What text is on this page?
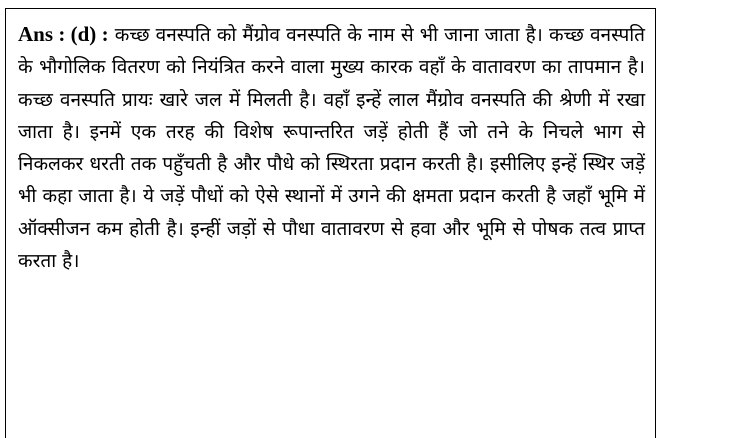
Ans : (d) : कच्छ वनस्पति को मैंग्रोव वनस्पति के नाम से भी जाना जाता है। कच्छ वनस्पति के भौगोलिक वितरण को नियंत्रित करने वाला मुख्य कारक वहाँ के वातावरण का तापमान है। कच्छ वनस्पति प्रायः खारे जल में मिलती है। वहाँ इन्हें लाल मैंग्रोव वनस्पति की श्रेणी में रखा जाता है। इनमें एक तरह की विशेष रूपान्तरित जड़ें होती हैं जो तने के निचले भाग से निकलकर धरती तक पहुँचती है और पौधे को स्थिरता प्रदान करती है। इसीलिए इन्हें स्थिर जड़ें भी कहा जाता है। ये जड़ें पौधों को ऐसे स्थानों में उगने की क्षमता प्रदान करती है जहाँ भूमि में ऑक्सीजन कम होती है। इन्हीं जड़ों से पौधा वातावरण से हवा और भूमि से पोषक तत्व प्राप्त करता है।
